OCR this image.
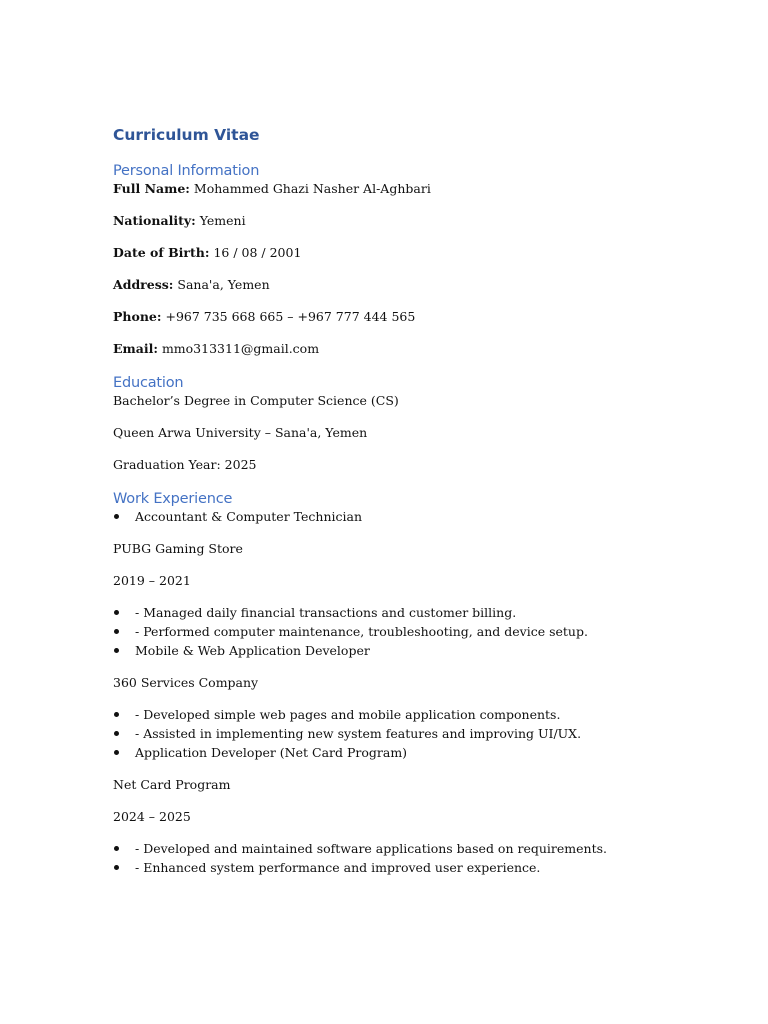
Curriculum Vitae
Personal Information

Full Name: Mohammed Ghazi Nasher Al-Aghbari

Nationality: Yemeni

Date of Birth: 16 / 08 / 2001

Address: Sana'a, Yemen

Phone: +967 735 668 665 – +967 777 444 565

Email: mmo313311@gmail.com

Education

Bachelor’s Degree in Computer Science (CS)

Queen Arwa University – Sana'a, Yemen

Graduation Year: 2025

Work Experience
Accountant & Computer Technician

PUBG Gaming Store

2019 – 2021

- Managed daily financial transactions and customer billing.
- Performed computer maintenance, troubleshooting, and device setup.
Mobile & Web Application Developer

360 Services Company

- Developed simple web pages and mobile application components.
- Assisted in implementing new system features and improving UI/UX.
Application Developer (Net Card Program)

Net Card Program

2024 – 2025

- Developed and maintained software applications based on requirements.
- Enhanced system performance and improved user experience.
